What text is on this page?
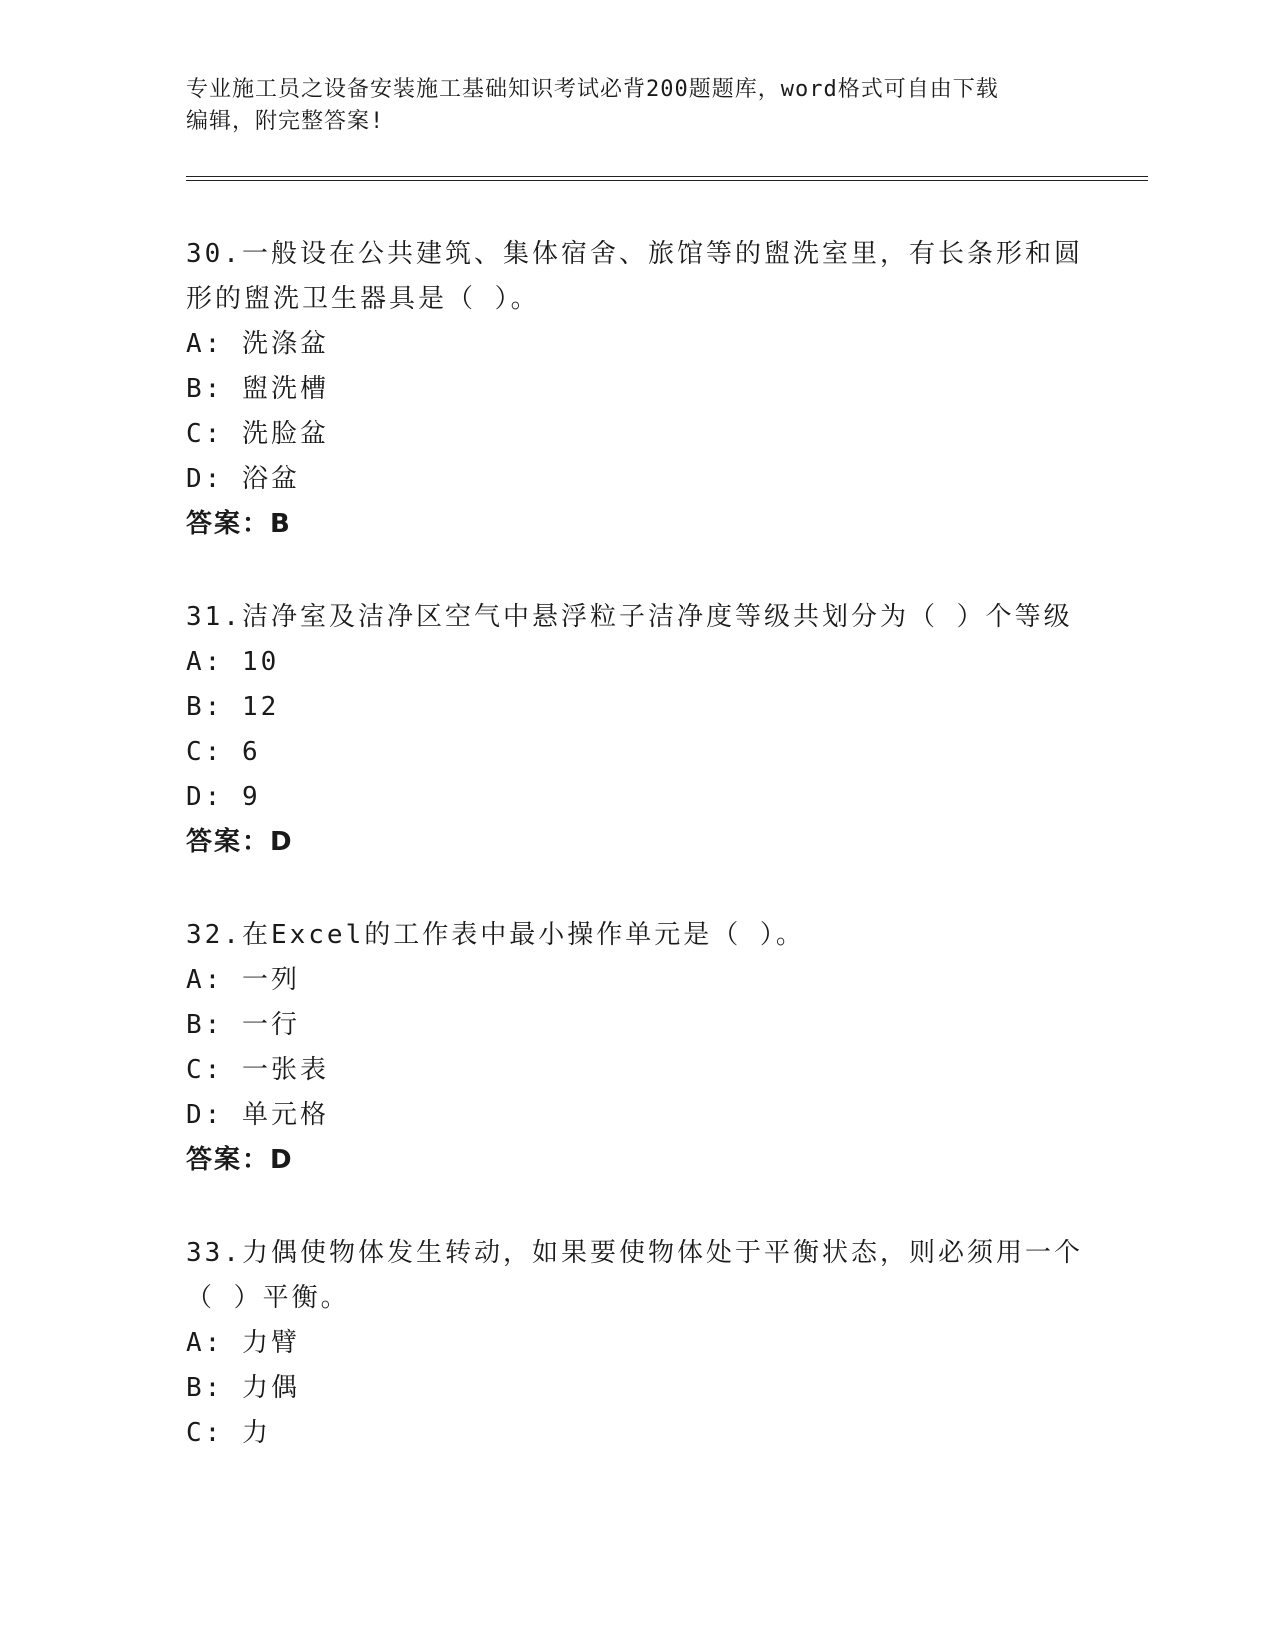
专业施工员之设备安装施工基础知识考试必背200题题库，word格式可自由下载

编辑，附完整答案!

30.一般设在公共建筑、集体宿舍、旅馆等的盥洗室里，有长条形和圆

形的盥洗卫生器具是（ ）。

A: 洗涤盆

B: 盥洗槽

C: 洗脸盆

D: 浴盆

答案：B

31.洁净室及洁净区空气中悬浮粒子洁净度等级共划分为（ ）个等级

A: 10

B: 12

C: 6

D: 9

答案：D

32.在Excel的工作表中最小操作单元是（ ）。

A: 一列

B: 一行

C: 一张表

D: 单元格

答案：D

33.力偶使物体发生转动，如果要使物体处于平衡状态，则必须用一个

（ ）平衡。

A: 力臂

B: 力偶

C: 力
